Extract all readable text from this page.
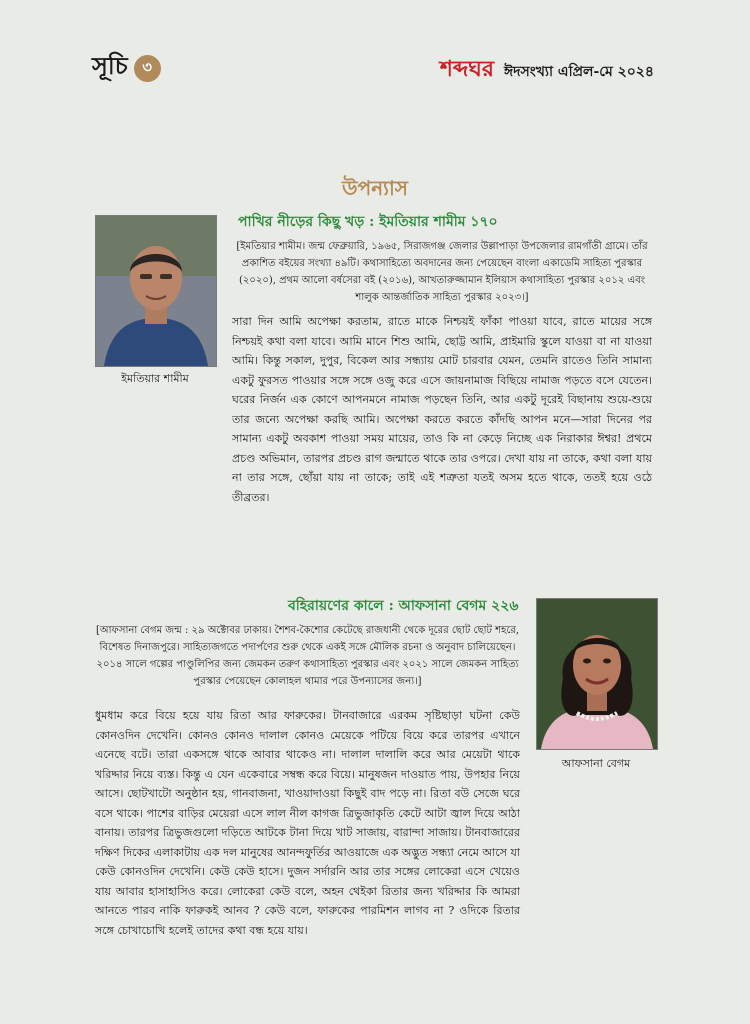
সূচি ৩	শব্দঘর ঈদসংখ্যা এপ্রিল-মে ২০২৪
উপন্যাস
পাখির নীড়ের কিছু খড় : ইমতিয়ার শামীম ১৭০
ইমতিয়ার শামীম
[ইমতিয়ার শামীম। জন্ম ফেব্রুয়ারি, ১৯৬৫, সিরাজগঞ্জ জেলার উল্লাপাড়া উপজেলার রামগাঁতী গ্রামে। তাঁর প্রকাশিত বইয়ের সংখ্যা ৪৯টি। কথাসাহিত্যে অবদানের জন্য পেয়েছেন বাংলা একাডেমি সাহিত্য পুরস্কার (২০২০), প্রথম আলো বর্ষসেরা বই (২০১৬), আখতারুজ্জামান ইলিয়াস কথাসাহিত্য পুরস্কার ২০১২ এবং শালুক আন্তর্জাতিক সাহিত্য পুরস্কার ২০২৩।]
সারা দিন আমি অপেক্ষা করতাম, রাতে মাকে নিশ্চয়ই ফাঁকা পাওয়া যাবে, রাতে মায়ের সঙ্গে নিশ্চয়ই কথা বলা যাবে। আমি মানে শিশু আমি, ছোট্ট আমি, প্রাইমারি স্কুলে যাওয়া বা না যাওয়া আমি। কিন্তু সকাল, দুপুর, বিকেল আর সন্ধ্যায় মোট চারবার যেমন, তেমনি রাতেও তিনি সামান্য একটু ফুরসত পাওয়ার সঙ্গে সঙ্গে ওজু করে এসে জায়নামাজ বিছিয়ে নামাজ পড়তে বসে যেতেন। ঘরের নির্জন এক কোণে আপনমনে নামাজ পড়ছেন তিনি, আর একটু দূরেই বিছানায় শুয়ে-শুয়ে তার জন্যে অপেক্ষা করছি আমি। অপেক্ষা করতে করতে কাঁদছি আপন মনে—সারা দিনের পর সামান্য একটু অবকাশ পাওয়া সময় মায়ের, তাও কি না কেড়ে নিচ্ছে এক নিরাকার ঈশ্বর! প্রথমে প্রচণ্ড অভিমান, তারপর প্রচণ্ড রাগ জন্মাতে থাকে তার ওপরে। দেখা যায় না তাকে, কথা বলা যায় না তার সঙ্গে, ছোঁয়া যায় না তাকে; তাই এই শত্রুতা যতই অসম হতে থাকে, ততই হয়ে ওঠে তীব্রতর।
বহিরায়ণের কালে : আফসানা বেগম ২২৬
আফসানা বেগম
[আফসানা বেগম জন্ম : ২৯ অক্টোবর ঢাকায়। শৈশব-কৈশোর কেটেছে রাজধানী থেকে দূরের ছোট ছোট শহরে, বিশেষত দিনাজপুরে। সাহিত্যজগতে পদার্পণের শুরু থেকে একই সঙ্গে মৌলিক রচনা ও অনুবাদ চালিয়েছেন। ২০১৪ সালে গল্পের পাণ্ডুলিপির জন্য জেমকন তরুণ কথাসাহিত্য পুরস্কার এবং ২০২১ সালে জেমকন সাহিত্য পুরস্কার পেয়েছেন কোলাহল থামার পরে উপন্যাসের জন্য।]
ধুমধাম করে বিয়ে হয়ে যায় রিতা আর ফারুকের। টানবাজারে এরকম সৃষ্টিছাড়া ঘটনা কেউ কোনওদিন দেখেনি। কোনও কোনও দালাল কোনও মেয়েকে পটিয়ে বিয়ে করে তারপর এখানে এনেছে বটে। তারা একসঙ্গে থাকে আবার থাকেও না। দালাল দালালি করে আর মেয়েটা থাকে খরিদ্দার নিয়ে ব্যস্ত। কিন্তু এ যেন একেবারে সম্বন্ধ করে বিয়ে। মানুষজন দাওয়াত পায়, উপহার নিয়ে আসে। ছোটখাটো অনুষ্ঠান হয়, গানবাজনা, খাওয়াদাওয়া কিছুই বাদ পড়ে না। রিতা বউ সেজে ঘরে বসে থাকে। পাশের বাড়ির মেয়েরা এসে লাল নীল কাগজ ত্রিভুজাকৃতি কেটে আটা জ্বাল দিয়ে আঠা বানায়। তারপর ত্রিভুজগুলো দড়িতে আটকে টানা দিয়ে খাট সাজায়, বারান্দা সাজায়। টানবাজারের দক্ষিণ দিকের এলাকাটায় এক দল মানুষের আনন্দফুর্তির আওয়াজে এক অদ্ভুত সন্ধ্যা নেমে আসে যা কেউ কোনওদিন দেখেনি। কেউ কেউ হাসে। দুজন সর্দারনি আর তার সঙ্গের লোকেরা এসে খেয়েও যায় আবার হাসাহাসিও করে। লোকেরা কেউ বলে, অহন থেইকা রিতার জন্য খরিদ্দার কি আমরা আনতে পারব নাকি ফারুকই আনব ? কেউ বলে, ফারুকের পারমিশন লাগব না ? ওদিকে রিতার সঙ্গে চোখাচোখি হলেই তাদের কথা বন্ধ হয়ে যায়।
